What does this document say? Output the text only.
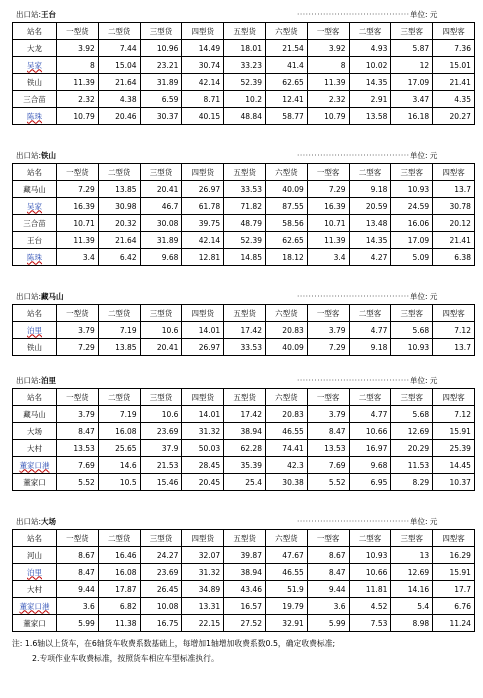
出口站:王台	······································· 单位: 元
站名	一型货	二型货	三型货	四型货	五型货	六型货	一型客	二型客	三型客	四型客
大龙	3.92	7.44	10.96	14.49	18.01	21.54	3.92	4.93	5.87	7.36
吴家	8	15.04	23.21	30.74	33.23	41.4	8	10.02	12	15.01
铁山	11.39	21.64	31.89	42.14	52.39	62.65	11.39	14.35	17.09	21.41
三合苗	2.32	4.38	6.59	8.71	10.2	12.41	2.32	2.91	3.47	4.35
陈珠	10.79	20.46	30.37	40.15	48.84	58.77	10.79	13.58	16.18	20.27
出口站:铁山	······································· 单位: 元
站名	一型货	二型货	三型货	四型货	五型货	六型货	一型客	二型客	三型客	四型客
藏马山	7.29	13.85	20.41	26.97	33.53	40.09	7.29	9.18	10.93	13.7
吴家	16.39	30.98	46.7	61.78	71.82	87.55	16.39	20.59	24.59	30.78
三合苗	10.71	20.32	30.08	39.75	48.79	58.56	10.71	13.48	16.06	20.12
王台	11.39	21.64	31.89	42.14	52.39	62.65	11.39	14.35	17.09	21.41
陈珠	3.4	6.42	9.68	12.81	14.85	18.12	3.4	4.27	5.09	6.38
出口站:藏马山	······································· 单位: 元
站名	一型货	二型货	三型货	四型货	五型货	六型货	一型客	二型客	三型客	四型客
泊里	3.79	7.19	10.6	14.01	17.42	20.83	3.79	4.77	5.68	7.12
铁山	7.29	13.85	20.41	26.97	33.53	40.09	7.29	9.18	10.93	13.7
出口站:泊里	······································· 单位: 元
站名	一型货	二型货	三型货	四型货	五型货	六型货	一型客	二型客	三型客	四型客
藏马山	3.79	7.19	10.6	14.01	17.42	20.83	3.79	4.77	5.68	7.12
大场	8.47	16.08	23.69	31.32	38.94	46.55	8.47	10.66	12.69	15.91
大村	13.53	25.65	37.9	50.03	62.28	74.41	13.53	16.97	20.29	25.39
董家口港	7.69	14.6	21.53	28.45	35.39	42.3	7.69	9.68	11.53	14.45
董家口	5.52	10.5	15.46	20.45	25.4	30.38	5.52	6.95	8.29	10.37
出口站:大场	······································· 单位: 元
站名	一型货	二型货	三型货	四型货	五型货	六型货	一型客	二型客	三型客	四型客
河山	8.67	16.46	24.27	32.07	39.87	47.67	8.67	10.93	13	16.29
泊里	8.47	16.08	23.69	31.32	38.94	46.55	8.47	10.66	12.69	15.91
大村	9.44	17.87	26.45	34.89	43.46	51.9	9.44	11.81	14.16	17.7
董家口港	3.6	6.82	10.08	13.31	16.57	19.79	3.6	4.52	5.4	6.76
董家口	5.99	11.38	16.75	22.15	27.52	32.91	5.99	7.53	8.98	11.24
注: 1.6轴以上货车，在6轴货车收费系数基础上，每增加1轴增加收费系数0.5，确定收费标准;
2.专项作业车收费标准，按照货车相应车型标准执行。
